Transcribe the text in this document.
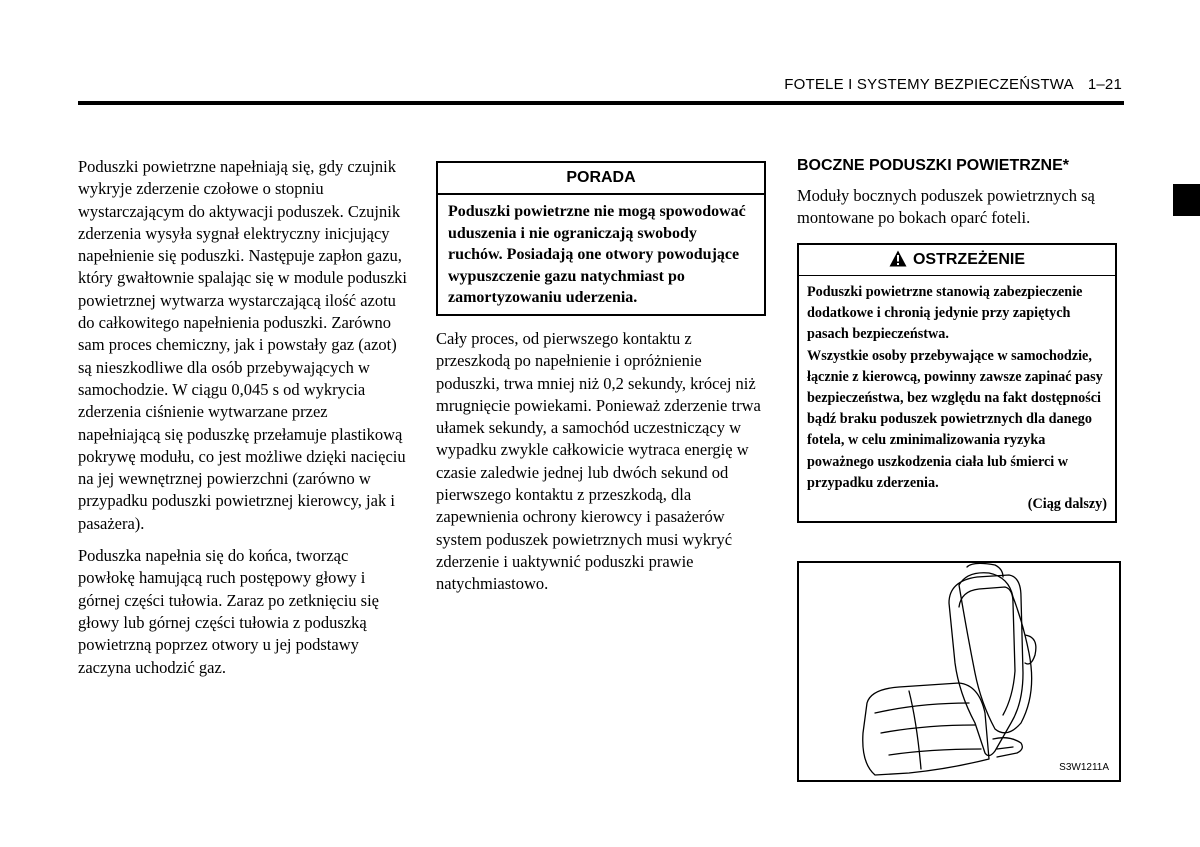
FOTELE I SYSTEMY BEZPIECZEŃSTWA 1–21

Poduszki powietrzne napełniają się, gdy czujnik wykryje zderzenie czołowe o stopniu wystarczającym do aktywacji poduszek. Czujnik zderzenia wysyła sygnał elektryczny inicjujący napełnienie się poduszki. Następuje zapłon gazu, który gwałtownie spalając się w module poduszki powietrznej wytwarza wystarczającą ilość azotu do całkowitego napełnienia poduszki. Zarówno sam proces chemiczny, jak i powstały gaz (azot) są nieszkodliwe dla osób przebywających w samochodzie. W ciągu 0,045 s od wykrycia zderzenia ciśnienie wytwarzane przez napełniającą się poduszkę przełamuje plastikową pokrywę modułu, co jest możliwe dzięki nacięciu na jej wewnętrznej powierzchni (zarówno w przypadku poduszki powietrznej kierowcy, jak i pasażera).

Poduszka napełnia się do końca, tworząc powłokę hamującą ruch postępowy głowy i górnej części tułowia. Zaraz po zetknięciu się głowy lub górnej części tułowia z poduszką powietrzną poprzez otwory u jej podstawy zaczyna uchodzić gaz.

PORADA
Poduszki powietrzne nie mogą spowodować uduszenia i nie ograniczają swobody ruchów. Posiadają one otwory powodujące wypuszczenie gazu natychmiast po zamortyzowaniu uderzenia.
Cały proces, od pierwszego kontaktu z przeszkodą po napełnienie i opróżnienie poduszki, trwa mniej niż 0,2 sekundy, krócej niż mrugnięcie powiekami. Ponieważ zderzenie trwa ułamek sekundy, a samochód uczestniczący w wypadku zwykle całkowicie wytraca energię w czasie zaledwie jednej lub dwóch sekund od pierwszego kontaktu z przeszkodą, dla zapewnienia ochrony kierowcy i pasażerów system poduszek powietrznych musi wykryć zderzenie i uaktywnić poduszki prawie natychmiastowo.
BOCZNE PODUSZKI POWIETRZNE*

Moduły bocznych poduszek powietrznych są montowane po bokach oparć foteli.

OSTRZEŻENIE

Poduszki powietrzne stanowią zabezpieczenie dodatkowe i chronią jedynie przy zapiętych pasach bezpieczeństwa.

Wszystkie osoby przebywające w samochodzie, łącznie z kierowcą, powinny zawsze zapinać pasy bezpieczeństwa, bez względu na fakt dostępności bądź braku poduszek powietrznych dla danego fotela, w celu zminimalizowania ryzyka poważnego uszkodzenia ciała lub śmierci w przypadku zderzenia.

(Ciąg dalszy)

S3W1211A
